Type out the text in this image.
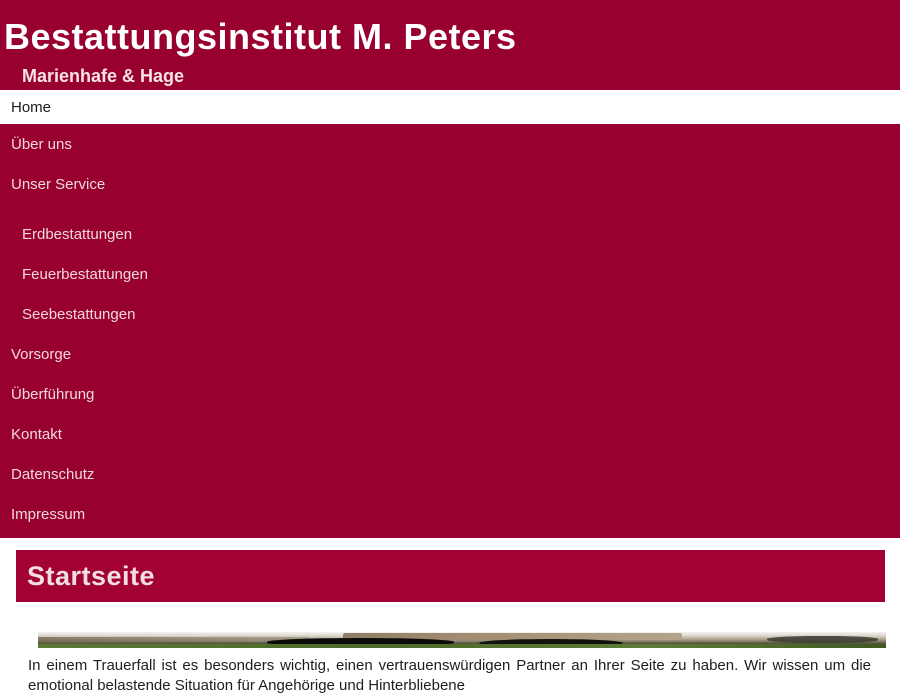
Bestattungsinstitut M. Peters
Marienhafe & Hage
Home
Über uns
Unser Service
Erdbestattungen
Feuerbestattungen
Seebestattungen
Vorsorge
Überführung
Kontakt
Datenschutz
Impressum
Startseite

In einem Trauerfall ist es besonders wichtig, einen vertrauenswürdigen Partner an Ihrer Seite zu haben. Wir wissen um die emotional belastende Situation für Angehörige und Hinterbliebene
